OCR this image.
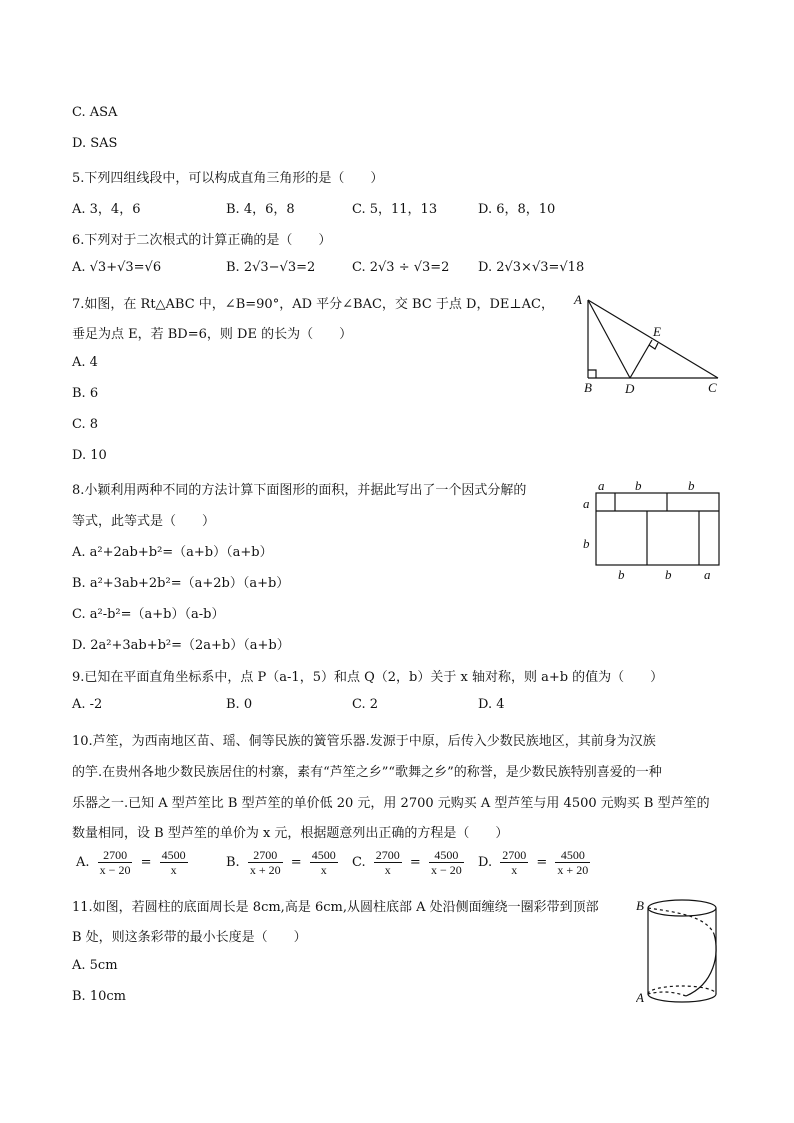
C. ASA
D. SAS
5.下列四组线段中，可以构成直角三角形的是（　　）
A. 3，4，6	B. 4，6，8	C. 5，11，13	D. 6，8，10
6.下列对于二次根式的计算正确的是（　　）
A. √3+√3=√6	B. 2√3−√3=2	C. 2√3 ÷ √3=2 D. 2√3×√3=√18
7.如图，在 Rt△ABC 中，∠B=90°，AD 平分∠BAC，交 BC 于点 D，DE⊥AC，
垂足为点 E，若 BD=6，则 DE 的长为（　　）
A. 4
B. 6
C. 8
D. 10
A
B	D	C
E
8.小颖利用两种不同的方法计算下面图形的面积，并据此写出了一个因式分解的
等式，此等式是（　　）
A. a²+2ab+b²=（a+b）（a+b）
B. a²+3ab+2b²=（a+2b）（a+b）
C. a²-b²=（a+b）（a-b）
D. 2a²+3ab+b²=（2a+b）（a+b）
a b	b
a
b
b	b	a
9.已知在平面直角坐标系中，点 P（a-1，5）和点 Q（2，b）关于 x 轴对称，则 a+b 的值为（　　）
A. -2	B. 0	C. 2	D. 4
10.芦笙，为西南地区苗、瑶、侗等民族的簧管乐器.发源于中原，后传入少数民族地区，其前身为汉族
的竽.在贵州各地少数民族居住的村寨，素有“芦笙之乡”“歌舞之乡”的称誉，是少数民族特别喜爱的一种
乐器之一.已知 A 型芦笙比 B 型芦笙的单价低 20 元，用 2700 元购买 A 型芦笙与用 4500 元购买 B 型芦笙的
数量相同，设 B 型芦笙的单价为 x 元，根据题意列出正确的方程是（　　）
A. $\frac{2700}{x - 20} = \frac{4500}{x}$	B. $\frac{2700}{x + 20} = \frac{4500}{x}$	C. $\frac{2700}{x} = \frac{4500}{x - 20}$	D. $\frac{2700}{x} = \frac{4500}{x + 20}$
11.如图，若圆柱的底面周长是 8cm,高是 6cm,从圆柱底部 A 处沿侧面缠绕一圈彩带到顶部
B 处，则这条彩带的最小长度是（　　）
A. 5cm
B. 10cm
B
A
